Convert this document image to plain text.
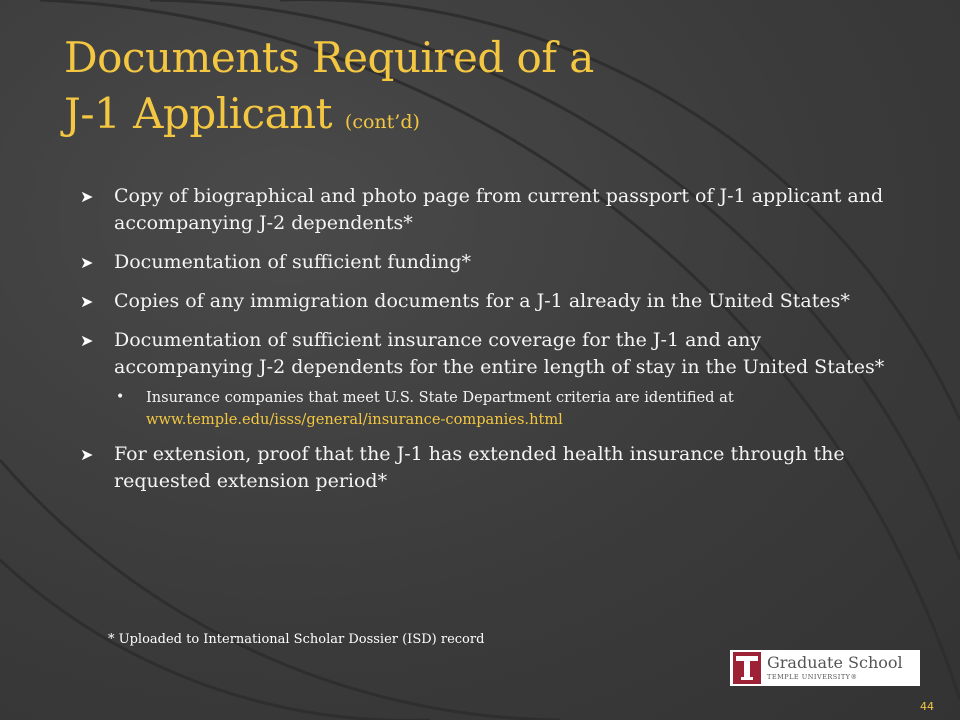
Documents Required of a
J-1 Applicant (cont’d)
➤ Copy of biographical and photo page from current passport of J-1 applicant and accompanying J-2 dependents*
➤ Documentation of sufficient funding*
➤ Copies of any immigration documents for a J-1 already in the United States*
➤ Documentation of sufficient insurance coverage for the J-1 and any accompanying J-2 dependents for the entire length of stay in the United States*
• Insurance companies that meet U.S. State Department criteria are identified at www.temple.edu/isss/general/insurance-companies.html
➤ For extension, proof that the J-1 has extended health insurance through the requested extension period*
* Uploaded to International Scholar Dossier (ISD) record
Graduate School
TEMPLE UNIVERSITY®
44
